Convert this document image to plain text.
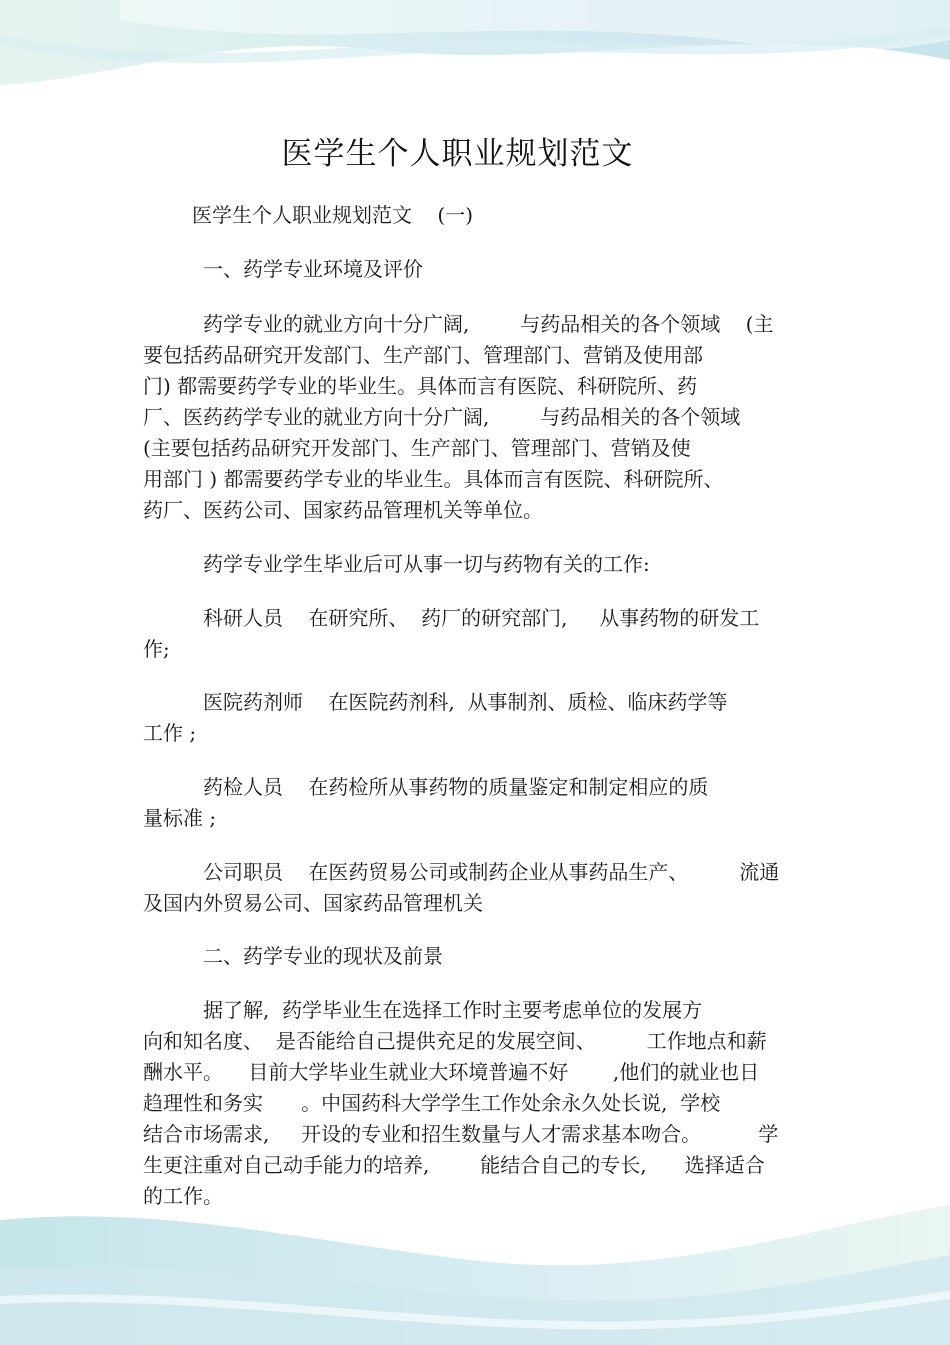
医学生个人职业规划范文
医学生个人职业规划范文    (一)
一、药学专业环境及评价
药学专业的就业方向十分广阔,        与药品相关的各个领域    (主
要包括药品研究开发部门、生产部门、管理部门、营销及使用部
门) 都需要药学专业的毕业生。具体而言有医院、科研院所、药
厂、医药药学专业的就业方向十分广阔,        与药品相关的各个领域
(主要包括药品研究开发部门、生产部门、管理部门、营销及使
用部门 ) 都需要药学专业的毕业生。具体而言有医院、科研院所、
药厂、医药公司、国家药品管理机关等单位。
药学专业学生毕业后可从事一切与药物有关的工作:
科研人员    在研究所、  药厂的研究部门,     从事药物的研发工
作;
医院药剂师    在医院药剂科,  从事制剂、质检、临床药学等
工作 ;
药检人员    在药检所从事药物的质量鉴定和制定相应的质
量标准 ;
公司职员    在医药贸易公司或制药企业从事药品生产、        流通
及国内外贸易公司、国家药品管理机关
二、药学专业的现状及前景
据了解,  药学毕业生在选择工作时主要考虑单位的发展方
向和知名度、  是否能给自己提供充足的发展空间、        工作地点和薪
酬水平。    目前大学毕业生就业大环境普遍不好       ,他们的就业也日
趋理性和务实      。中国药科大学学生工作处余永久处长说,  学校
结合市场需求,     开设的专业和招生数量与人才需求基本吻合。         学
生更注重对自己动手能力的培养,        能结合自己的专长,      选择适合
的工作。
